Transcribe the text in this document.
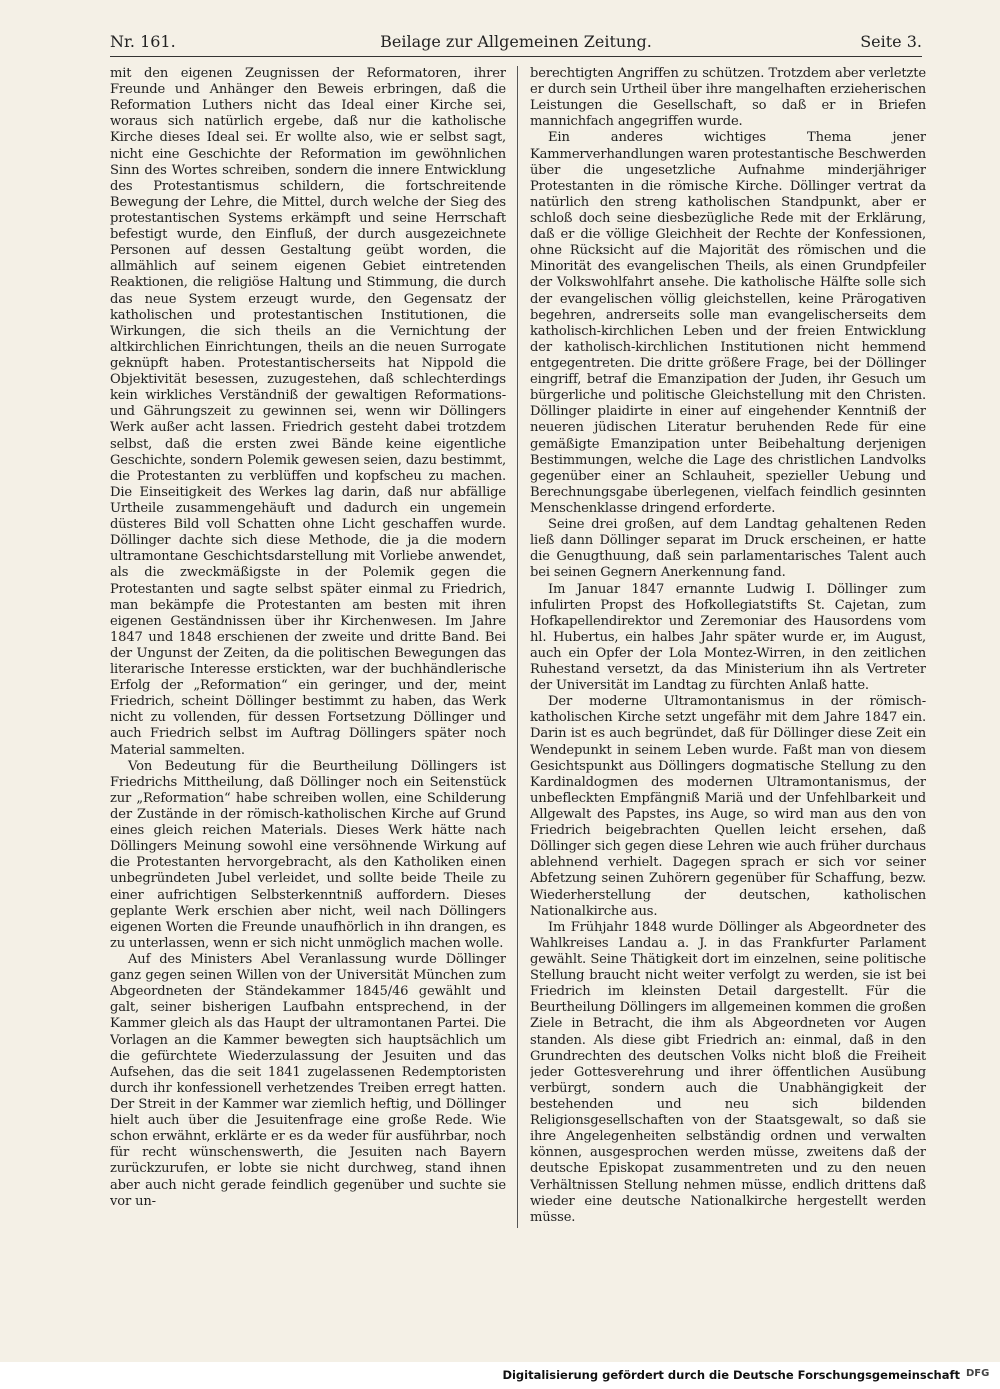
Nr. 161.	Beilage zur Allgemeinen Zeitung.	Seite 3.

mit den eigenen Zeugnissen der Reformatoren, ihrer Freunde und Anhänger den Beweis erbringen, daß die Reformation Luthers nicht das Ideal einer Kirche sei, woraus sich natürlich ergebe, daß nur die katholische Kirche dieses Ideal sei. Er wollte also, wie er selbst sagt, nicht eine Geschichte der Reformation im gewöhnlichen Sinn des Wortes schreiben, sondern die innere Entwicklung des Protestantismus schildern, die fortschreitende Bewegung der Lehre, die Mittel, durch welche der Sieg des protestantischen Systems erkämpft und seine Herrschaft befestigt wurde, den Einfluß, der durch ausgezeichnete Personen auf dessen Gestaltung geübt worden, die allmählich auf seinem eigenen Gebiet eintretenden Reaktionen, die religiöse Haltung und Stimmung, die durch das neue System erzeugt wurde, den Gegensatz der katholischen und protestantischen Institutionen, die Wirkungen, die sich theils an die Vernichtung der altkirchlichen Einrichtungen, theils an die neuen Surrogate geknüpft haben. Protestantischerseits hat Nippold die Objektivität besessen, zuzugestehen, daß schlechterdings kein wirkliches Verständniß der gewaltigen Reformations- und Gährungszeit zu gewinnen sei, wenn wir Döllingers Werk außer acht lassen. Friedrich gesteht dabei trotzdem selbst, daß die ersten zwei Bände keine eigentliche Geschichte, sondern Polemik gewesen seien, dazu bestimmt, die Protestanten zu verblüffen und kopfscheu zu machen. Die Einseitigkeit des Werkes lag darin, daß nur abfällige Urtheile zusammengehäuft und dadurch ein ungemein düsteres Bild voll Schatten ohne Licht geschaffen wurde. Döllinger dachte sich diese Methode, die ja die modern ultramontane Geschichtsdarstellung mit Vorliebe anwendet, als die zweckmäßigste in der Polemik gegen die Protestanten und sagte selbst später einmal zu Friedrich, man bekämpfe die Protestanten am besten mit ihren eigenen Geständnissen über ihr Kirchenwesen. Im Jahre 1847 und 1848 erschienen der zweite und dritte Band. Bei der Ungunst der Zeiten, da die politischen Bewegungen das literarische Interesse erstickten, war der buchhändlerische Erfolg der „Reformation“ ein geringer, und der, meint Friedrich, scheint Döllinger bestimmt zu haben, das Werk nicht zu vollenden, für dessen Fortsetzung Döllinger und auch Friedrich selbst im Auftrag Döllingers später noch Material sammelten.

Von Bedeutung für die Beurtheilung Döllingers ist Friedrichs Mittheilung, daß Döllinger noch ein Seitenstück zur „Reformation“ habe schreiben wollen, eine Schilderung der Zustände in der römisch-katholischen Kirche auf Grund eines gleich reichen Materials. Dieses Werk hätte nach Döllingers Meinung sowohl eine versöhnende Wirkung auf die Protestanten hervorgebracht, als den Katholiken einen unbegründeten Jubel verleidet, und sollte beide Theile zu einer aufrichtigen Selbsterkenntniß auffordern. Dieses geplante Werk erschien aber nicht, weil nach Döllingers eigenen Worten die Freunde unaufhörlich in ihn drangen, es zu unterlassen, wenn er sich nicht unmöglich machen wolle.

Auf des Ministers Abel Veranlassung wurde Döllinger ganz gegen seinen Willen von der Universität München zum Abgeordneten der Ständekammer 1845/46 gewählt und galt, seiner bisherigen Laufbahn entsprechend, in der Kammer gleich als das Haupt der ultramontanen Partei. Die Vorlagen an die Kammer bewegten sich hauptsächlich um die gefürchtete Wiederzulassung der Jesuiten und das Aufsehen, das die seit 1841 zugelassenen Redemptoristen durch ihr konfessionell verhetzendes Treiben erregt hatten. Der Streit in der Kammer war ziemlich heftig, und Döllinger hielt auch über die Jesuitenfrage eine große Rede. Wie schon erwähnt, erklärte er es da weder für ausführbar, noch für recht wünschenswerth, die Jesuiten nach Bayern zurückzurufen, er lobte sie nicht durchweg, stand ihnen aber auch nicht gerade feindlich gegenüber und suchte sie vor un-

berechtigten Angriffen zu schützen. Trotzdem aber verletzte er durch sein Urtheil über ihre mangelhaften erzieherischen Leistungen die Gesellschaft, so daß er in Briefen mannichfach angegriffen wurde.

Ein anderes wichtiges Thema jener Kammerverhandlungen waren protestantische Beschwerden über die ungesetzliche Aufnahme minderjähriger Protestanten in die römische Kirche. Döllinger vertrat da natürlich den streng katholischen Standpunkt, aber er schloß doch seine diesbezügliche Rede mit der Erklärung, daß er die völlige Gleichheit der Rechte der Konfessionen, ohne Rücksicht auf die Majorität des römischen und die Minorität des evangelischen Theils, als einen Grundpfeiler der Volkswohlfahrt ansehe. Die katholische Hälfte solle sich der evangelischen völlig gleichstellen, keine Prärogativen begehren, andrerseits solle man evangelischerseits dem katholisch-kirchlichen Leben und der freien Entwicklung der katholisch-kirchlichen Institutionen nicht hemmend entgegentreten. Die dritte größere Frage, bei der Döllinger eingriff, betraf die Emanzipation der Juden, ihr Gesuch um bürgerliche und politische Gleichstellung mit den Christen. Döllinger plaidirte in einer auf eingehender Kenntniß der neueren jüdischen Literatur beruhenden Rede für eine gemäßigte Emanzipation unter Beibehaltung derjenigen Bestimmungen, welche die Lage des christlichen Landvolks gegenüber einer an Schlauheit, spezieller Uebung und Berechnungsgabe überlegenen, vielfach feindlich gesinnten Menschenklasse dringend erforderte.

Seine drei großen, auf dem Landtag gehaltenen Reden ließ dann Döllinger separat im Druck erscheinen, er hatte die Genugthuung, daß sein parlamentarisches Talent auch bei seinen Gegnern Anerkennung fand.

Im Januar 1847 ernannte Ludwig I. Döllinger zum infulirten Propst des Hofkollegiatstifts St. Cajetan, zum Hofkapellendirektor und Zeremoniar des Hausordens vom hl. Hubertus, ein halbes Jahr später wurde er, im August, auch ein Opfer der Lola Montez-Wirren, in den zeitlichen Ruhestand versetzt, da das Ministerium ihn als Vertreter der Universität im Landtag zu fürchten Anlaß hatte.

Der moderne Ultramontanismus in der römisch-katholischen Kirche setzt ungefähr mit dem Jahre 1847 ein. Darin ist es auch begründet, daß für Döllinger diese Zeit ein Wendepunkt in seinem Leben wurde. Faßt man von diesem Gesichtspunkt aus Döllingers dogmatische Stellung zu den Kardinaldogmen des modernen Ultramontanismus, der unbefleckten Empfängniß Mariä und der Unfehlbarkeit und Allgewalt des Papstes, ins Auge, so wird man aus den von Friedrich beigebrachten Quellen leicht ersehen, daß Döllinger sich gegen diese Lehren wie auch früher durchaus ablehnend verhielt. Dagegen sprach er sich vor seiner Abfetzung seinen Zuhörern gegenüber für Schaffung, bezw. Wiederherstellung der deutschen, katholischen Nationalkirche aus.

Im Frühjahr 1848 wurde Döllinger als Abgeordneter des Wahlkreises Landau a. J. in das Frankfurter Parlament gewählt. Seine Thätigkeit dort im einzelnen, seine politische Stellung braucht nicht weiter verfolgt zu werden, sie ist bei Friedrich im kleinsten Detail dargestellt. Für die Beurtheilung Döllingers im allgemeinen kommen die großen Ziele in Betracht, die ihm als Abgeordneten vor Augen standen. Als diese gibt Friedrich an: einmal, daß in den Grundrechten des deutschen Volks nicht bloß die Freiheit jeder Gottesverehrung und ihrer öffentlichen Ausübung verbürgt, sondern auch die Unabhängigkeit der bestehenden und neu sich bildenden Religionsgesellschaften von der Staatsgewalt, so daß sie ihre Angelegenheiten selbständig ordnen und verwalten können, ausgesprochen werden müsse, zweitens daß der deutsche Episkopat zusammentreten und zu den neuen Verhältnissen Stellung nehmen müsse, endlich drittens daß wieder eine deutsche Nationalkirche hergestellt werden müsse.

Digitalisierung gefördert durch die Deutsche Forschungsgemeinschaft DFG
